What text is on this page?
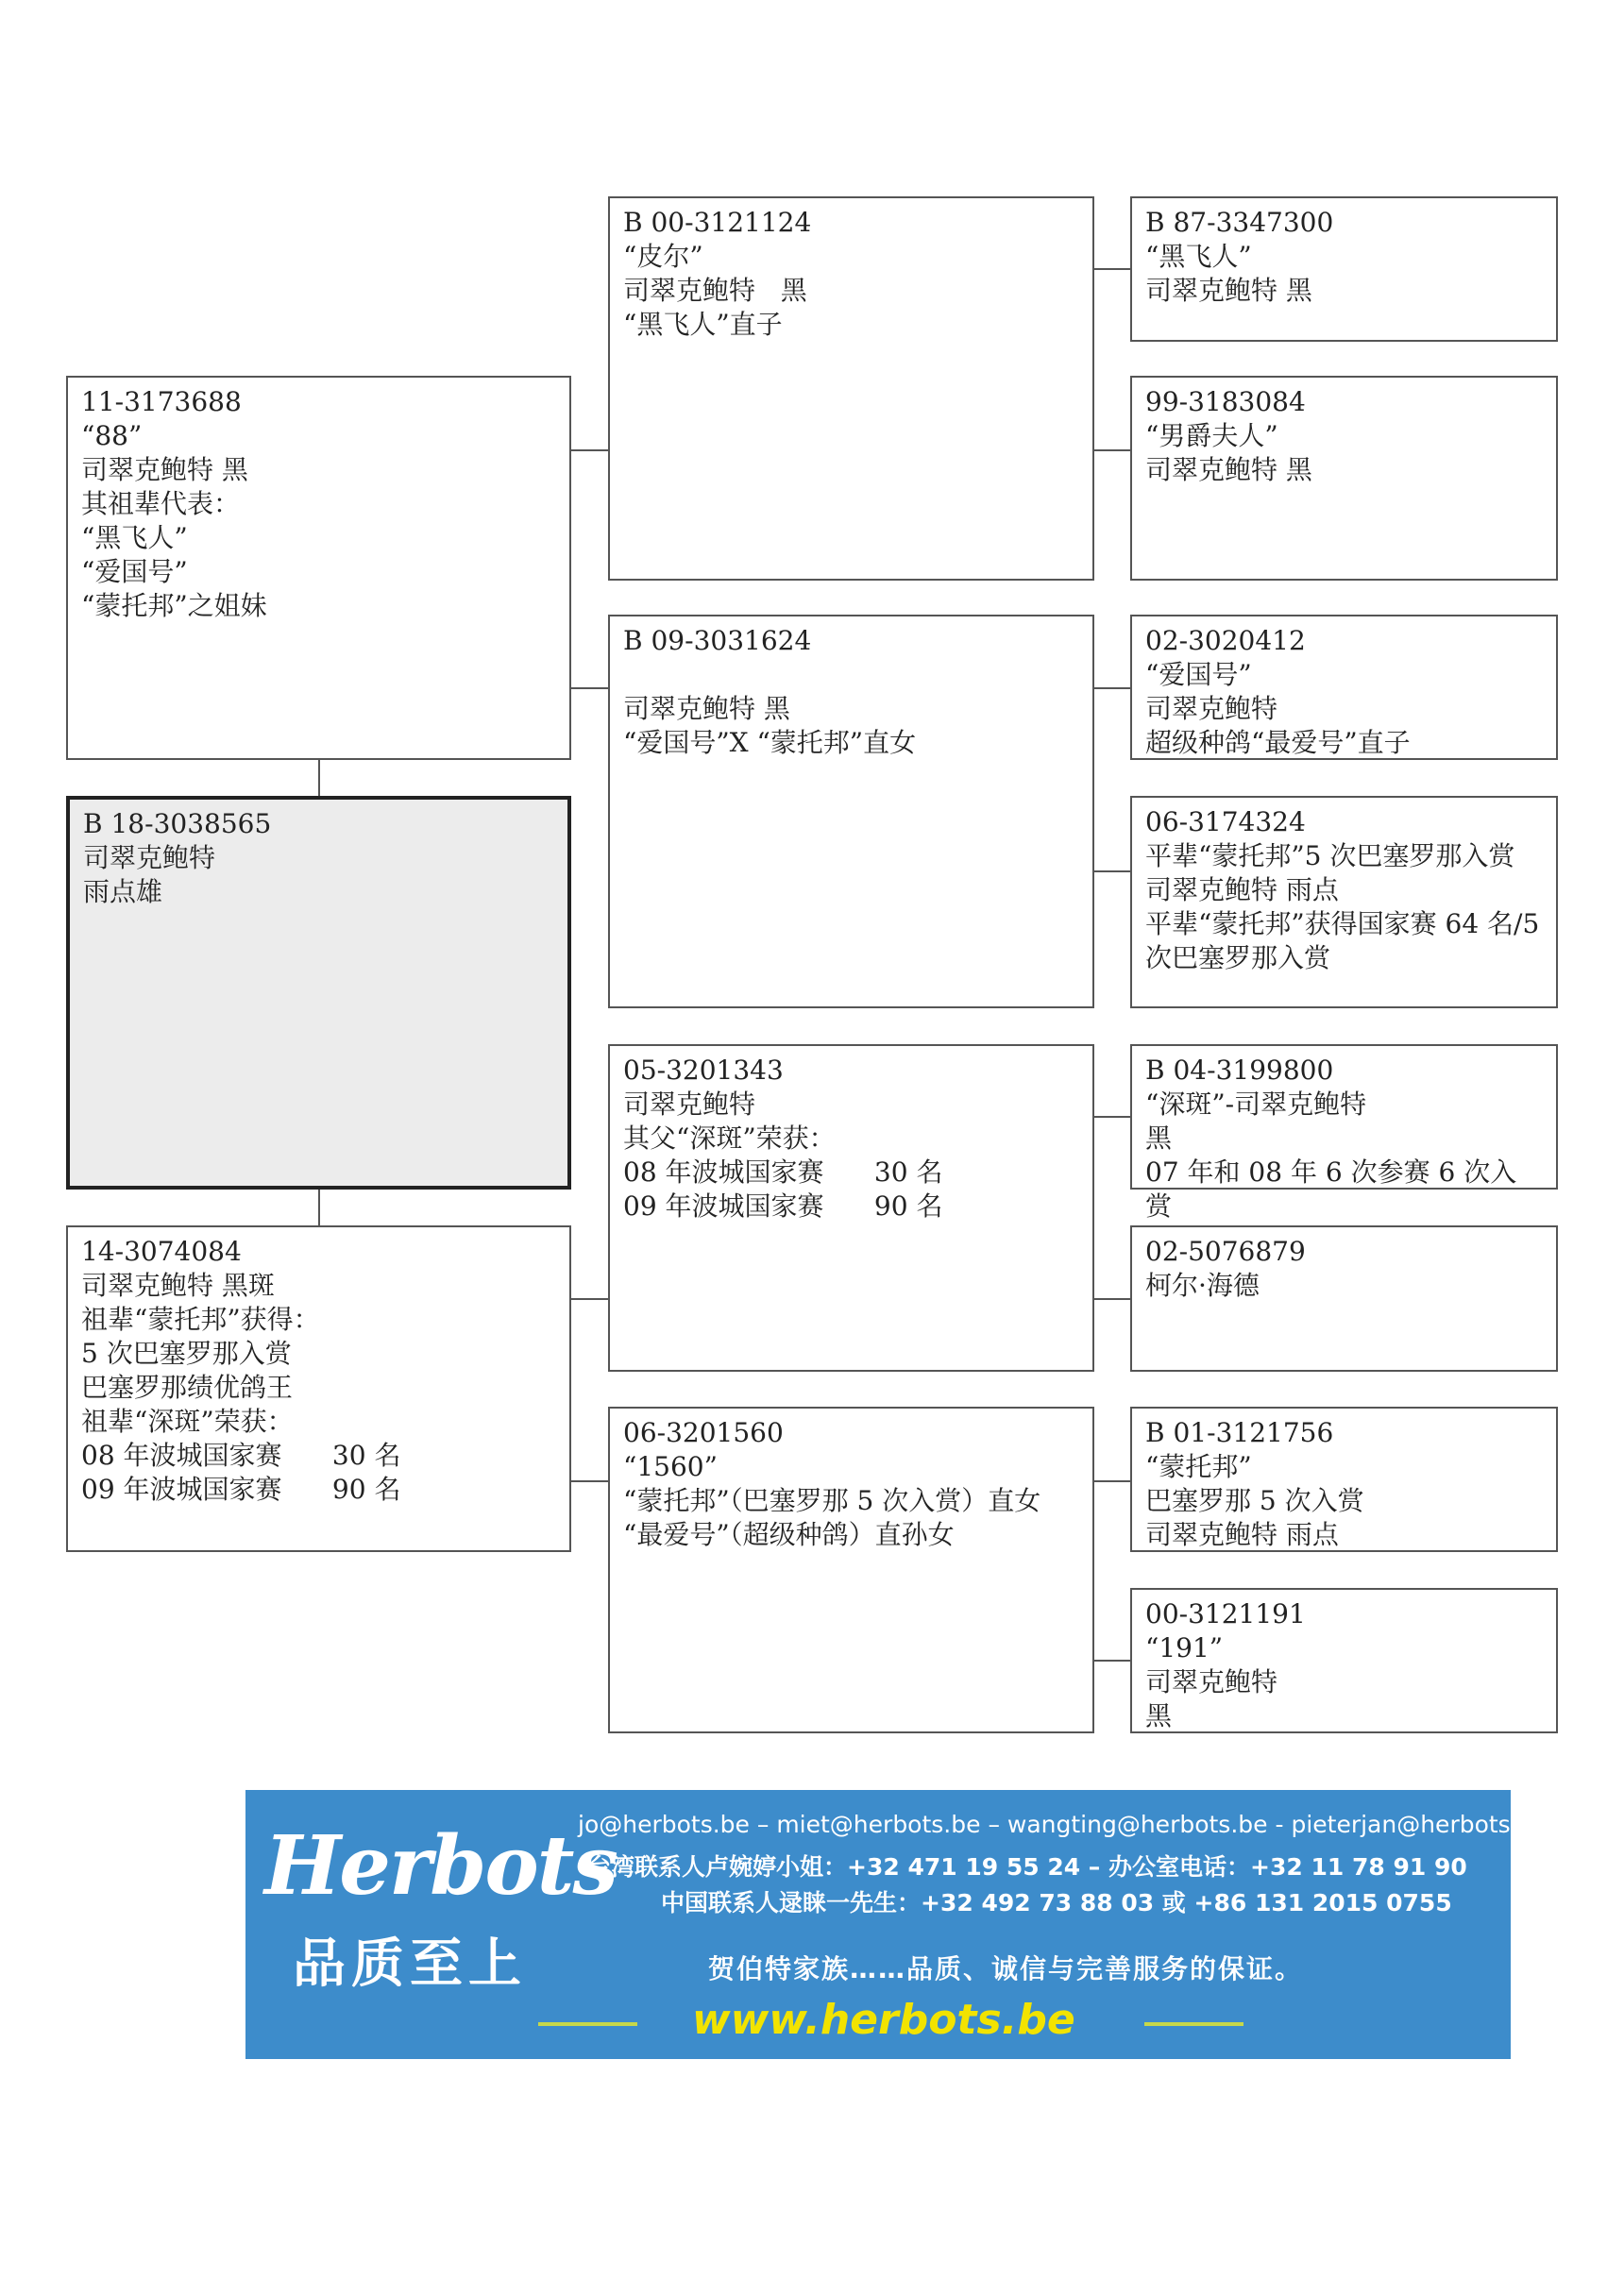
B 18-3038565
司翠克鲍特
雨点雄
11-3173688
“88”
司翠克鲍特 黑
其祖辈代表：
“黑飞人”
“爱国号”
“蒙托邦”之姐妹
14-3074084
司翠克鲍特 黑斑
祖辈“蒙托邦”获得：
5 次巴塞罗那入赏
巴塞罗那绩优鸽王
祖辈“深斑”荣获：
08 年波城国家赛      30 名
09 年波城国家赛      90 名
B 00-3121124
“皮尔”
司翠克鲍特   黑
“黑飞人”直子
B 09-3031624
司翠克鲍特 黑
“爱国号”X “蒙托邦”直女
05-3201343
司翠克鲍特
其父“深斑”荣获：
08 年波城国家赛      30 名
09 年波城国家赛      90 名
06-3201560
“1560”
“蒙托邦”（巴塞罗那 5 次入赏）直女
“最爱号”（超级种鸽）直孙女
B 87-3347300
“黑飞人”
司翠克鲍特 黑
99-3183084
“男爵夫人”
司翠克鲍特 黑
02-3020412
“爱国号”
司翠克鲍特
超级种鸽“最爱号”直子
06-3174324
平辈“蒙托邦”5 次巴塞罗那入赏
司翠克鲍特 雨点
平辈“蒙托邦”获得国家赛 64 名/5 次巴塞罗那入赏
B 04-3199800
“深斑”-司翠克鲍特
黑
07 年和 08 年 6 次参赛 6 次入赏
02-5076879
柯尔·海德
B 01-3121756
“蒙托邦”
巴塞罗那 5 次入赏
司翠克鲍特 雨点
00-3121191
“191”
司翠克鲍特
黑
Herbots
品质至上
jo@herbots.be – miet@herbots.be – wangting@herbots.be - pieterjan@herbots.be
台湾联系人卢婉婷小姐：+32 471 19 55 24 – 办公室电话：+32 11 78 91 90
中国联系人逯睐一先生：+32 492 73 88 03 或 +86 131 2015 0755
贺伯特家族……品质、诚信与完善服务的保证。
www.herbots.be
